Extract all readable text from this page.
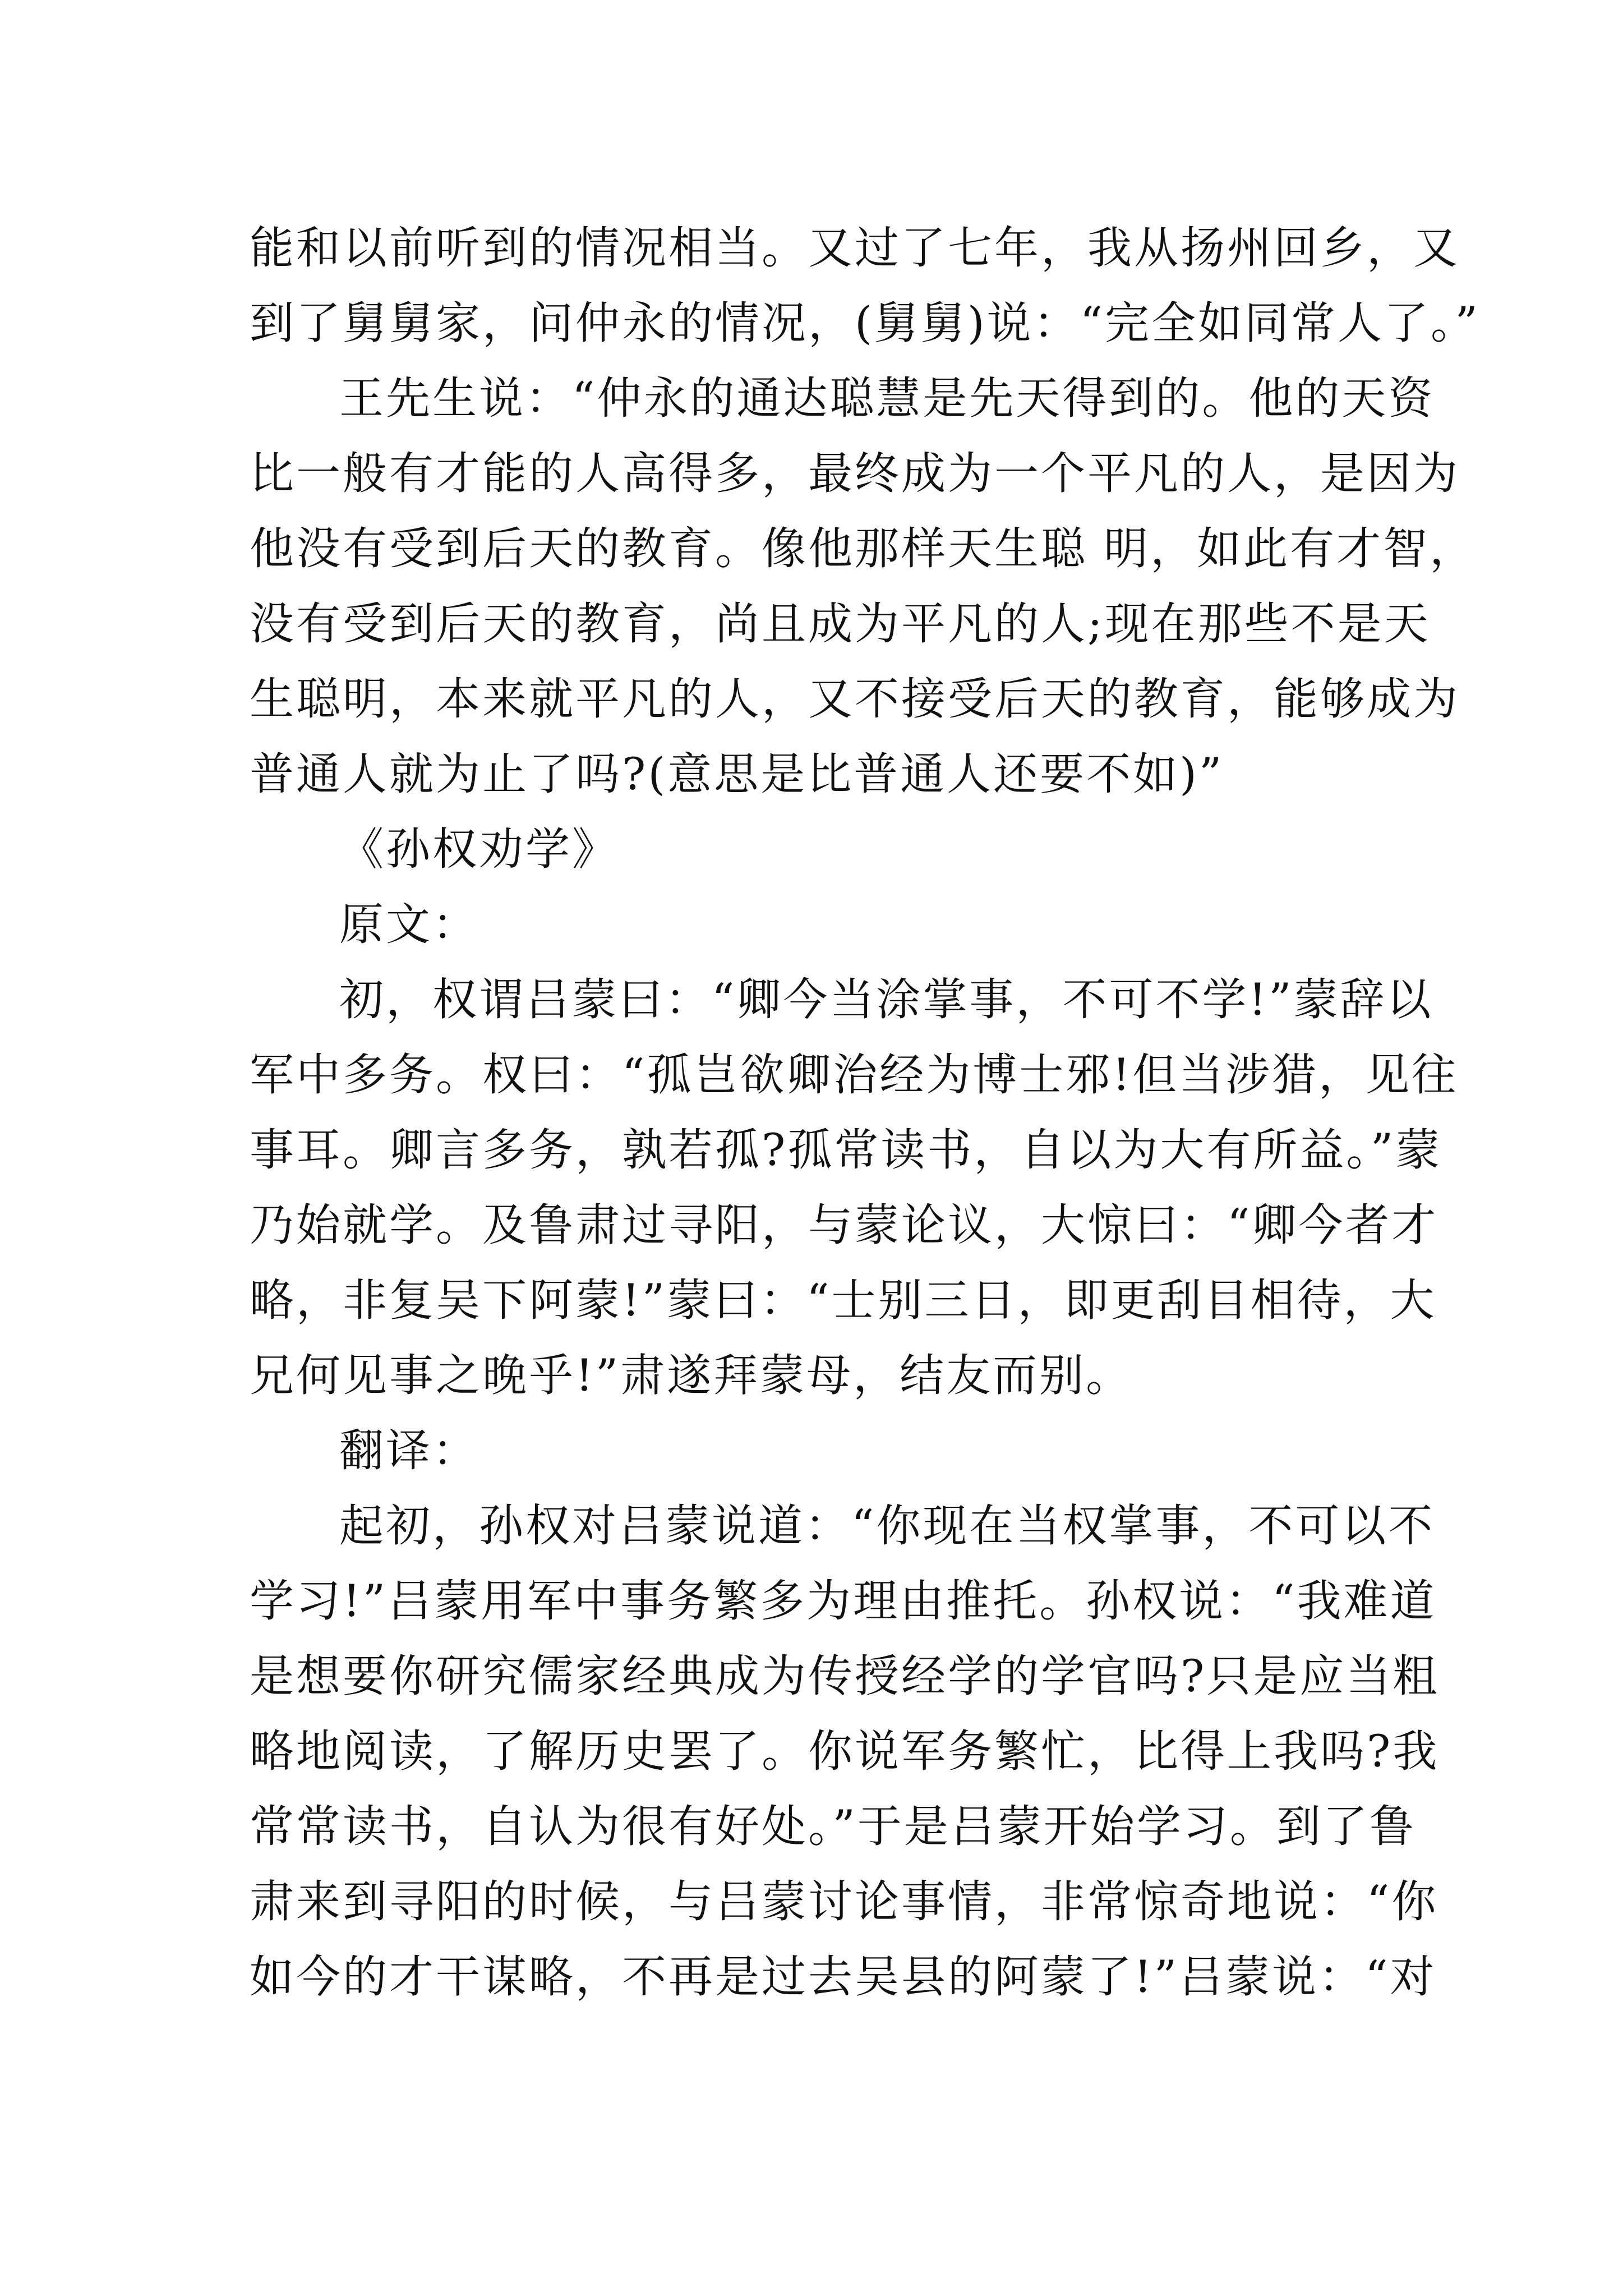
能和以前听到的情况相当。又过了七年，我从扬州回乡，又
到了舅舅家，问仲永的情况，(舅舅)说：“完全如同常人了。”
王先生说：“仲永的通达聪慧是先天得到的。他的天资
比一般有才能的人高得多，最终成为一个平凡的人，是因为
他没有受到后天的教育。像他那样天生聪 明，如此有才智，
没有受到后天的教育，尚且成为平凡的人;现在那些不是天
生聪明，本来就平凡的人，又不接受后天的教育，能够成为
普通人就为止了吗?(意思是比普通人还要不如)”
《孙权劝学》
原文：
初，权谓吕蒙曰：“卿今当涂掌事，不可不学!”蒙辞以
军中多务。权曰：“孤岂欲卿治经为博士邪!但当涉猎，见往
事耳。卿言多务，孰若孤?孤常读书，自以为大有所益。”蒙
乃始就学。及鲁肃过寻阳，与蒙论议，大惊曰：“卿今者才
略，非复吴下阿蒙!”蒙曰：“士别三日，即更刮目相待，大
兄何见事之晚乎!”肃遂拜蒙母，结友而别。
翻译：
起初，孙权对吕蒙说道：“你现在当权掌事，不可以不
学习!”吕蒙用军中事务繁多为理由推托。孙权说：“我难道
是想要你研究儒家经典成为传授经学的学官吗?只是应当粗
略地阅读，了解历史罢了。你说军务繁忙，比得上我吗?我
常常读书，自认为很有好处。”于是吕蒙开始学习。到了鲁
肃来到寻阳的时候，与吕蒙讨论事情，非常惊奇地说：“你
如今的才干谋略，不再是过去吴县的阿蒙了!”吕蒙说：“对
